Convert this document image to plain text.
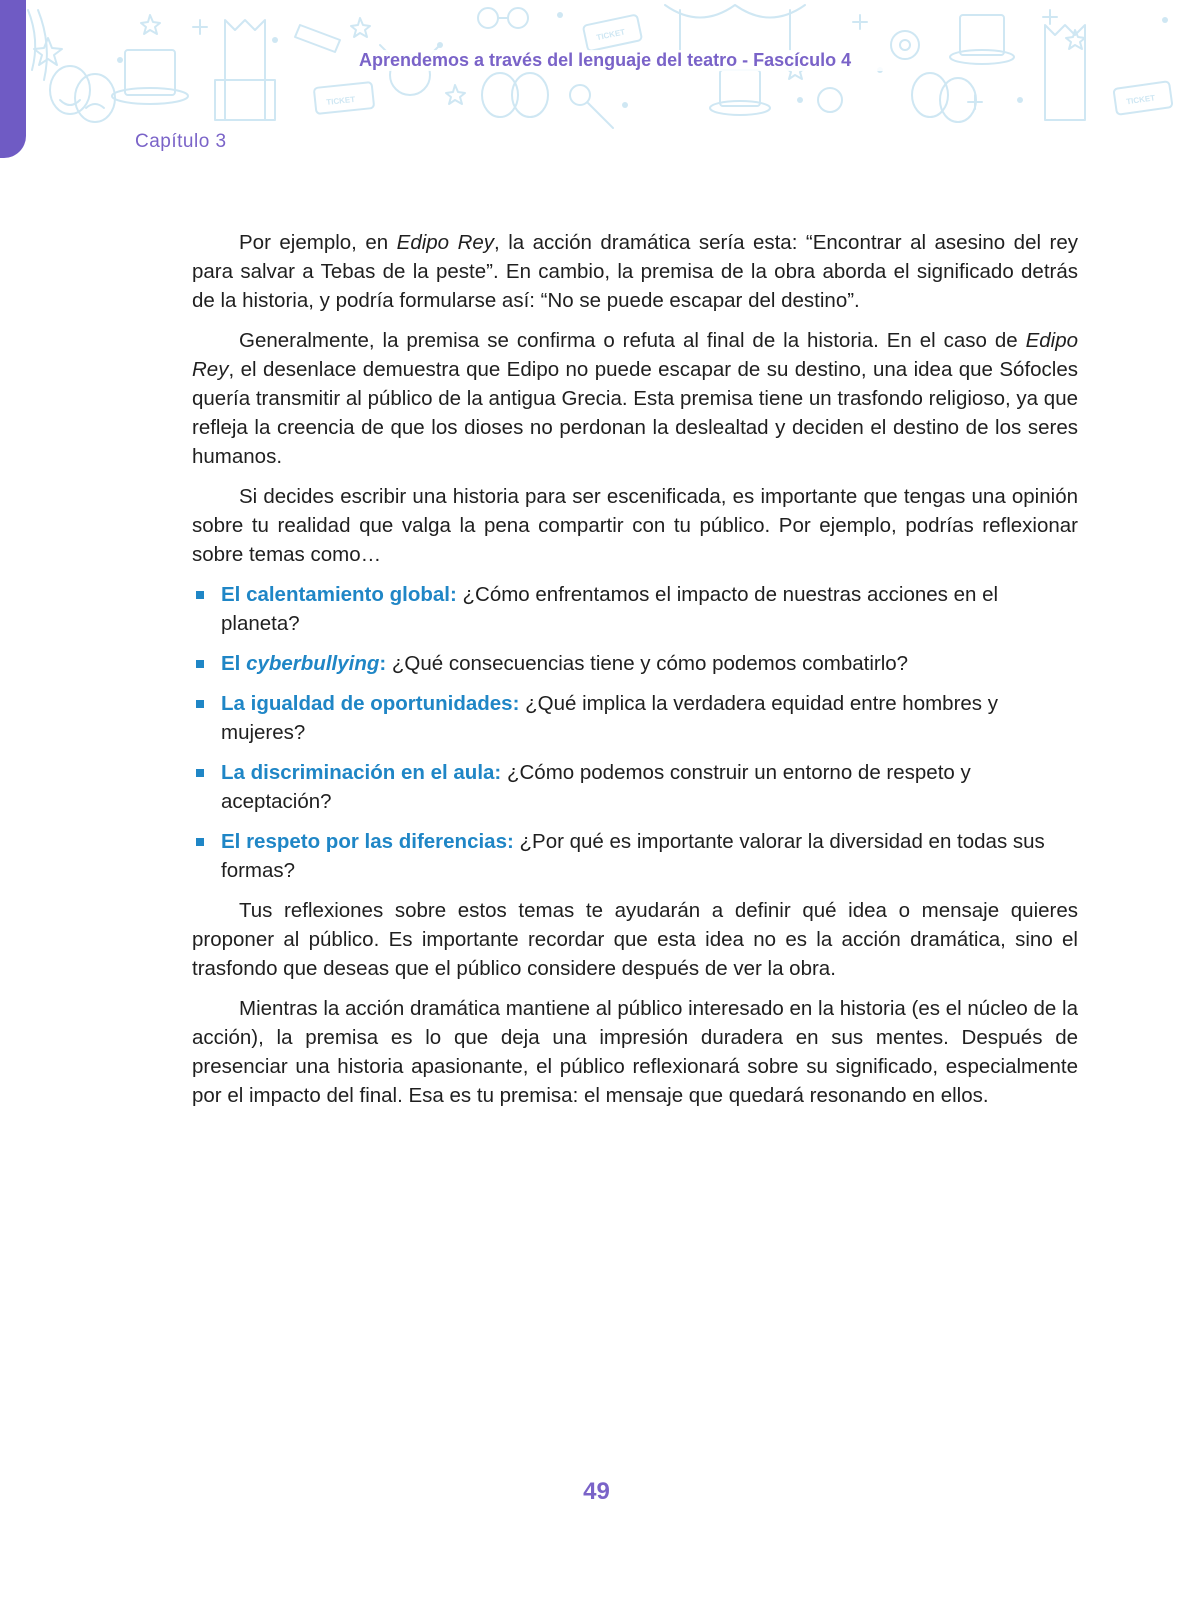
TICKET
TICKET
TICKET
Aprendemos a través del lenguaje del teatro - Fascículo 4
Capítulo 3

Por ejemplo, en Edipo Rey, la acción dramática sería esta: “Encontrar al asesino del rey para salvar a Tebas de la peste”. En cambio, la premisa de la obra aborda el significado detrás de la historia, y podría formularse así: “No se puede escapar del destino”.

Generalmente, la premisa se confirma o refuta al final de la historia. En el caso de Edipo Rey, el desenlace demuestra que Edipo no puede escapar de su destino, una idea que Sófocles quería transmitir al público de la antigua Grecia. Esta premisa tiene un trasfondo religioso, ya que refleja la creencia de que los dioses no perdonan la deslealtad y deciden el destino de los seres humanos.

Si decides escribir una historia para ser escenificada, es importante que tengas una opinión sobre tu realidad que valga la pena compartir con tu público. Por ejemplo, podrías reflexionar sobre temas como…

El calentamiento global: ¿Cómo enfrentamos el impacto de nuestras acciones en el planeta?
El cyberbullying: ¿Qué consecuencias tiene y cómo podemos combatirlo?
La igualdad de oportunidades: ¿Qué implica la verdadera equidad entre hombres y mujeres?
La discriminación en el aula: ¿Cómo podemos construir un entorno de respeto y aceptación?
El respeto por las diferencias: ¿Por qué es importante valorar la diversidad en todas sus formas?

Tus reflexiones sobre estos temas te ayudarán a definir qué idea o mensaje quieres proponer al público. Es importante recordar que esta idea no es la acción dramática, sino el trasfondo que deseas que el público considere después de ver la obra.

Mientras la acción dramática mantiene al público interesado en la historia (es el núcleo de la acción), la premisa es lo que deja una impresión duradera en sus mentes. Después de presenciar una historia apasionante, el público reflexionará sobre su significado, especialmente por el impacto del final. Esa es tu premisa: el mensaje que quedará resonando en ellos.

49
